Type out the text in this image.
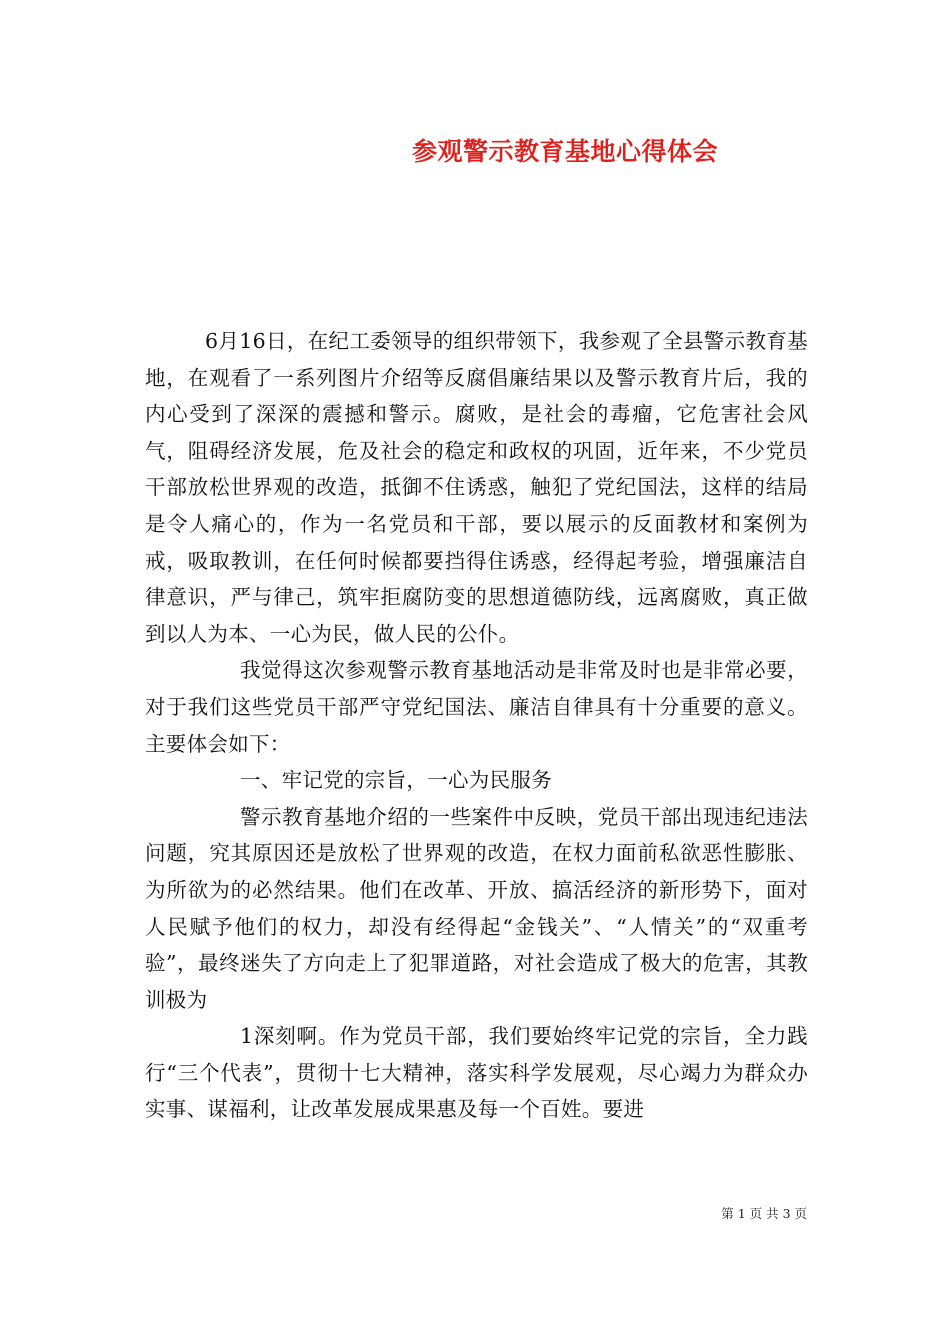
参观警示教育基地心得体会

6月16日，在纪工委领导的组织带领下，我参观了全县警示教育基地，在观看了一系列图片介绍等反腐倡廉结果以及警示教育片后，我的内心受到了深深的震撼和警示。腐败，是社会的毒瘤，它危害社会风气，阻碍经济发展，危及社会的稳定和政权的巩固，近年来，不少党员干部放松世界观的改造，抵御不住诱惑，触犯了党纪国法，这样的结局是令人痛心的，作为一名党员和干部，要以展示的反面教材和案例为戒，吸取教训，在任何时候都要挡得住诱惑，经得起考验，增强廉洁自律意识，严与律己，筑牢拒腐防变的思想道德防线，远离腐败，真正做到以人为本、一心为民，做人民的公仆。

我觉得这次参观警示教育基地活动是非常及时也是非常必要，对于我们这些党员干部严守党纪国法、廉洁自律具有十分重要的意义。主要体会如下：

一、牢记党的宗旨，一心为民服务

警示教育基地介绍的一些案件中反映，党员干部出现违纪违法问题，究其原因还是放松了世界观的改造，在权力面前私欲恶性膨胀、为所欲为的必然结果。他们在改革、开放、搞活经济的新形势下，面对人民赋予他们的权力，却没有经得起“金钱关”、“人情关”的“双重考验”，最终迷失了方向走上了犯罪道路，对社会造成了极大的危害，其教训极为

1深刻啊。作为党员干部，我们要始终牢记党的宗旨，全力践行“三个代表”，贯彻十七大精神，落实科学发展观，尽心竭力为群众办实事、谋福利，让改革发展成果惠及每一个百姓。要进

第 1 页 共 3 页
